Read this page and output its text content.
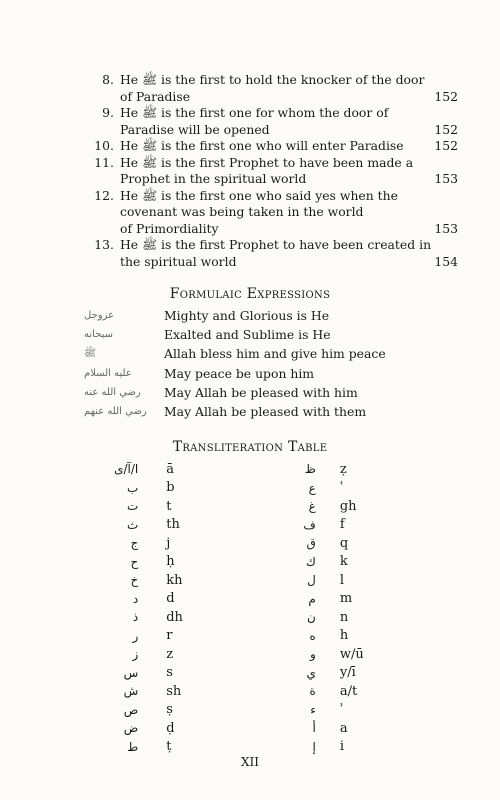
8. He ﷺ is the first to hold the knocker of the door
of Paradise	152
9. He ﷺ is the first one for whom the door of
Paradise will be opened	152
10. He ﷺ is the first one who will enter Paradise	152
11. He ﷺ is the first Prophet to have been made a
Prophet in the spiritual world	153
12. He ﷺ is the first one who said yes when the
covenant was being taken in the world
of Primordiality	153
13. He ﷺ is the first Prophet to have been created in
the spiritual world	154
Formulaic Expressions
عزوجل	Mighty and Glorious is He
سبحانه	Exalted and Sublime is He
ﷺ	Allah bless him and give him peace
عليه السلام	May peace be upon him
رضي الله عنه	May Allah be pleased with him
رضي الله عنهم	May Allah be pleased with them
Transliteration Table
ا/آ/ى	ā	ظ	ẓ
ب	b	ع	ʿ
ت	t	غ	gh
ث	th	ف	f
ج	j	ق	q
ح	ḥ	ك	k
خ	kh	ل	l
د	d	م	m
ذ	dh	ن	n
ر	r	ه	h
ز	z	و	w/ū
س	s	ي	y/ī
ش	sh	ة	a/t
ص	ṣ	ء	ʾ
ض	ḍ	أ	a
ط	ṭ	إ	i
XII
